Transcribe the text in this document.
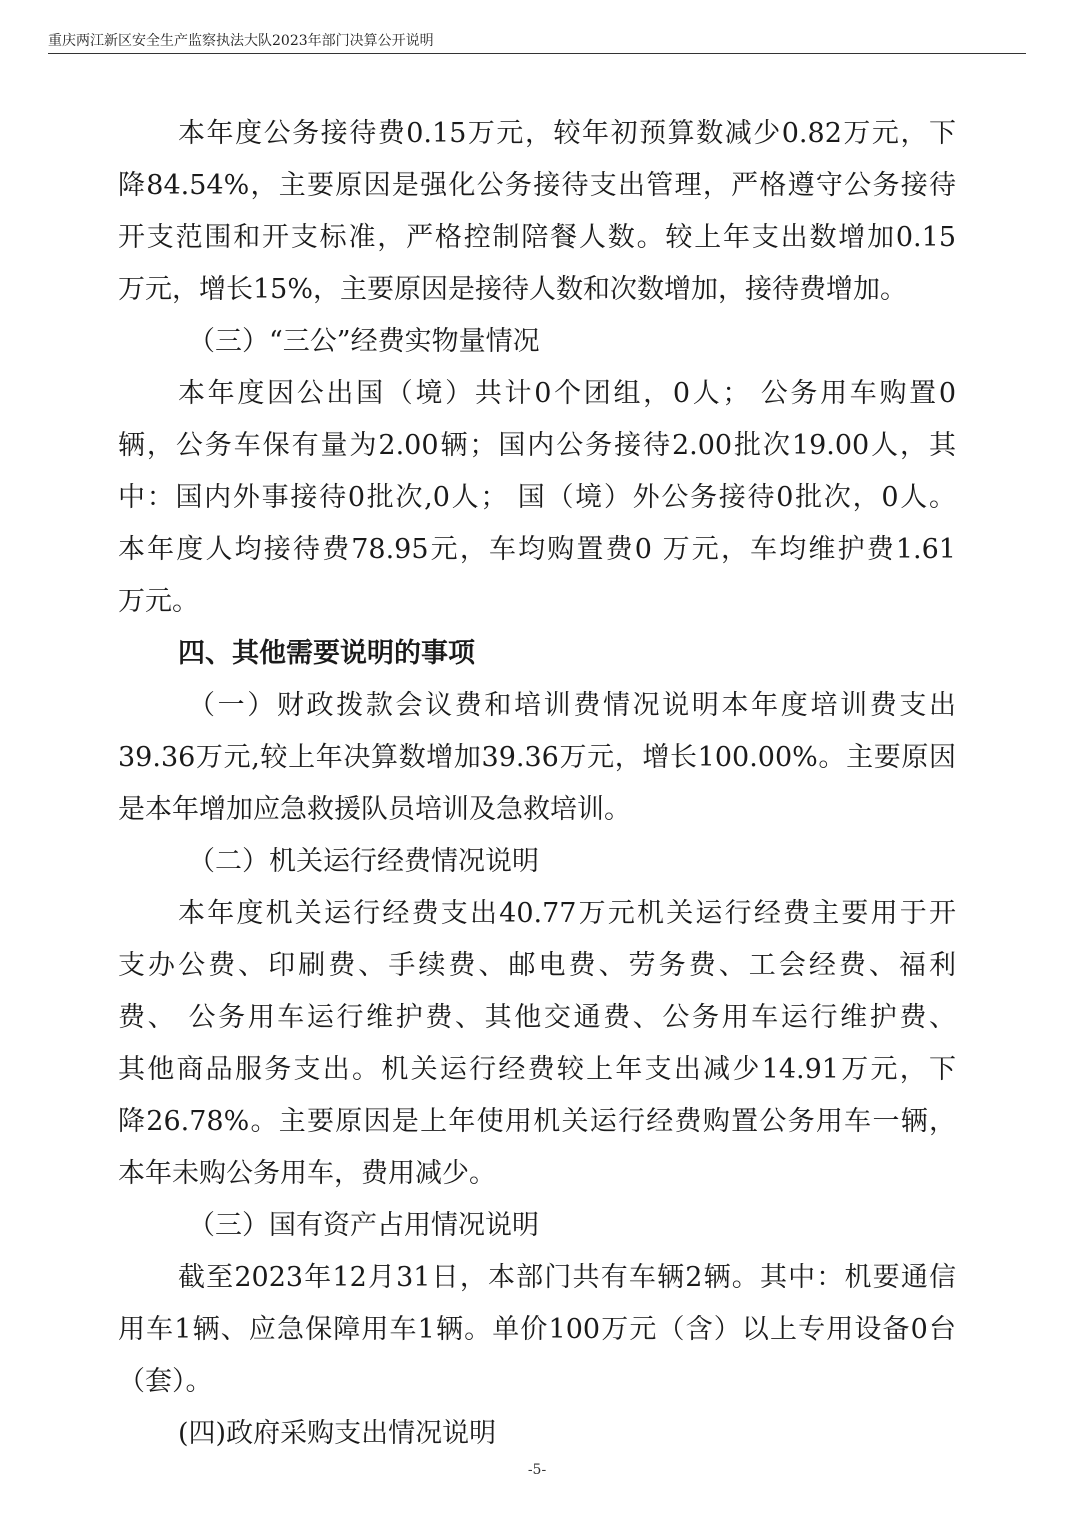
重庆两江新区安全生产监察执法大队2023年部门决算公开说明
本年度公务接待费0.15万元，较年初预算数减少0.82万元，下
降84.54%，主要原因是强化公务接待支出管理，严格遵守公务接待
开支范围和开支标准，严格控制陪餐人数。较上年支出数增加0.15
万元，增长15%，主要原因是接待人数和次数增加，接待费增加。
（三）“三公”经费实物量情况
本年度因公出国（境）共计0个团组，0人； 公务用车购置0
辆，公务车保有量为2.00辆；国内公务接待2.00批次19.00人，其
中：国内外事接待0批次,0人； 国（境）外公务接待0批次，0人。
本年度人均接待费78.95元，车均购置费0 万元，车均维护费1.61
万元。
四、其他需要说明的事项
（一）财政拨款会议费和培训费情况说明本年度培训费支出
39.36万元,较上年决算数增加39.36万元，增长100.00%。主要原因
是本年增加应急救援队员培训及急救培训。
（二）机关运行经费情况说明
本年度机关运行经费支出40.77万元机关运行经费主要用于开
支办公费、印刷费、手续费、邮电费、劳务费、工会经费、福利
费、 公务用车运行维护费、其他交通费、公务用车运行维护费、
其他商品服务支出。机关运行经费较上年支出减少14.91万元，下
降26.78%。主要原因是上年使用机关运行经费购置公务用车一辆，
本年未购公务用车，费用减少。
（三）国有资产占用情况说明
截至2023年12月31日，本部门共有车辆2辆。其中：机要通信
用车1辆、应急保障用车1辆。单价100万元（含）以上专用设备0台
（套）。
(四)政府采购支出情况说明
-5-
